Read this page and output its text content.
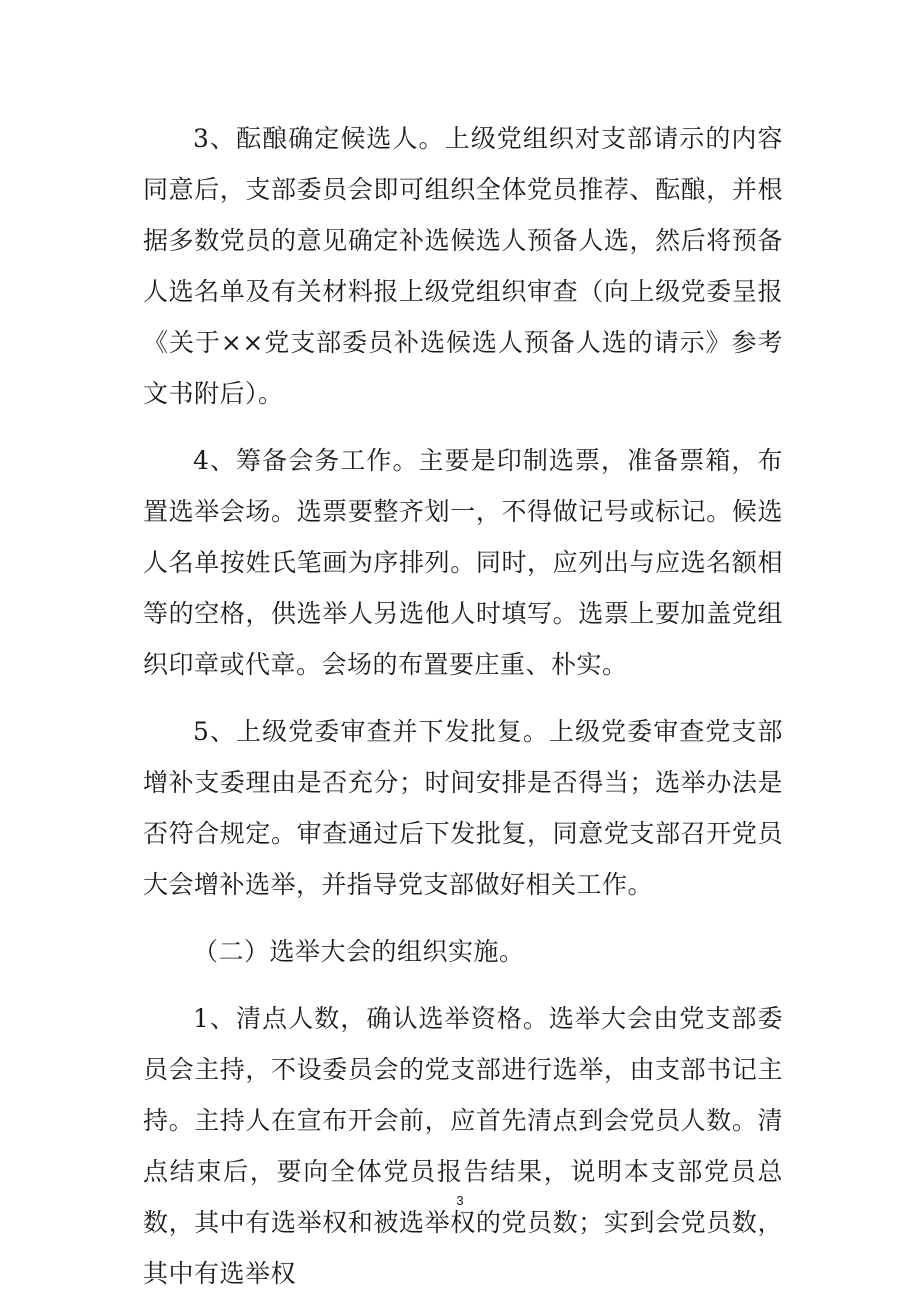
3、酝酿确定候选人。上级党组织对支部请示的内容同意后，支部委员会即可组织全体党员推荐、酝酿，并根据多数党员的意见确定补选候选人预备人选，然后将预备人选名单及有关材料报上级党组织审查（向上级党委呈报《关于××党支部委员补选候选人预备人选的请示》参考文书附后）。

4、筹备会务工作。主要是印制选票，准备票箱，布置选举会场。选票要整齐划一，不得做记号或标记。候选人名单按姓氏笔画为序排列。同时，应列出与应选名额相等的空格，供选举人另选他人时填写。选票上要加盖党组织印章或代章。会场的布置要庄重、朴实。

5、上级党委审查并下发批复。上级党委审查党支部增补支委理由是否充分；时间安排是否得当；选举办法是否符合规定。审查通过后下发批复，同意党支部召开党员大会增补选举，并指导党支部做好相关工作。

（二）选举大会的组织实施。

1、清点人数，确认选举资格。选举大会由党支部委员会主持，不设委员会的党支部进行选举，由支部书记主持。主持人在宣布开会前，应首先清点到会党员人数。清点结束后，要向全体党员报告结果，说明本支部党员总数，其中有选举权和被选举权的党员数；实到会党员数，其中有选举权

3
